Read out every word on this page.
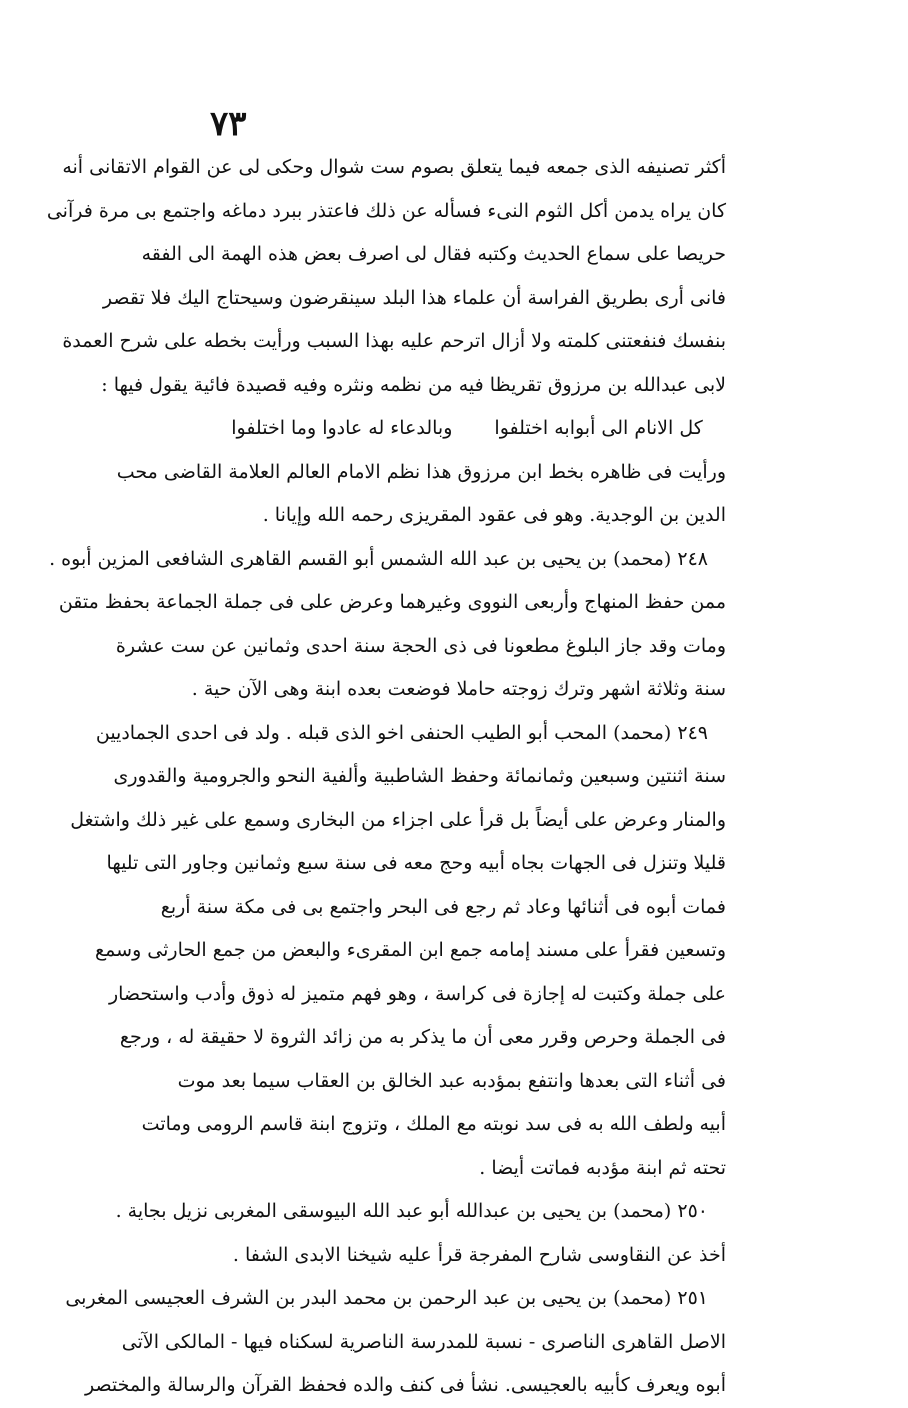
٧٣
أكثر تصنيفه الذى جمعه فيما يتعلق بصوم ست شوال وحكى لى عن القوام الاتقانى أنه
كان يراه يدمن أكل الثوم النىء فسأله عن ذلك فاعتذر ببرد دماغه واجتمع بى مرة فرآنى
حريصا على سماع الحديث وكتبه فقال لى اصرف بعض هذه الهمة الى الفقه
فانى أرى بطريق الفراسة أن علماء هذا البلد سينقرضون وسيحتاج اليك فلا تقصر
بنفسك فنفعتنى كلمته ولا أزال اترحم عليه بهذا السبب ورأيت بخطه على شرح العمدة
لابى عبدالله بن مرزوق تقريظا فيه من نظمه ونثره وفيه قصيدة فائية يقول فيها :
كل الانام الى أبوابه اختلفوا وبالدعاء له عادوا وما اختلفوا
ورأيت فى ظاهره بخط ابن مرزوق هذا نظم الامام العالم العلامة القاضى محب
الدين بن الوجدية. وهو فى عقود المقريزى رحمه الله وإيانا .
٢٤٨ (محمد) بن يحيى بن عبد الله الشمس أبو القسم القاهرى الشافعى المزين أبوه .
ممن حفظ المنهاج وأربعى النووى وغيرهما وعرض على فى جملة الجماعة بحفظ متقن
ومات وقد جاز البلوغ مطعونا فى ذى الحجة سنة احدى وثمانين عن ست عشرة
سنة وثلاثة اشهر وترك زوجته حاملا فوضعت بعده ابنة وهى الآن حية .
٢٤٩ (محمد) المحب أبو الطيب الحنفى اخو الذى قبله . ولد فى احدى الجماديين
سنة اثنتين وسبعين وثمانمائة وحفظ الشاطبية وألفية النحو والجرومية والقدورى
والمنار وعرض على أيضاً بل قرأ على اجزاء من البخارى وسمع على غير ذلك واشتغل
قليلا وتنزل فى الجهات بجاه أبيه وحج معه فى سنة سبع وثمانين وجاور التى تليها
فمات أبوه فى أثنائها وعاد ثم رجع فى البحر واجتمع بى فى مكة سنة أربع
وتسعين فقرأ على مسند إمامه جمع ابن المقرىء والبعض من جمع الحارثى وسمع
على جملة وكتبت له إجازة فى كراسة ، وهو فهم متميز له ذوق وأدب واستحضار
فى الجملة وحرص وقرر معى أن ما يذكر به من زائد الثروة لا حقيقة له ، ورجع
فى أثناء التى بعدها وانتفع بمؤدبه عبد الخالق بن العقاب سيما بعد موت
أبيه ولطف الله به فى سد نوبته مع الملك ، وتزوج ابنة قاسم الرومى وماتت
تحته ثم ابنة مؤدبه فماتت أيضا .
٢٥٠ (محمد) بن يحيى بن عبدالله أبو عبد الله البيوسقى المغربى نزيل بجاية .
أخذ عن النقاوسى شارح المفرجة قرأ عليه شيخنا الابدى الشفا .
٢٥١ (محمد) بن يحيى بن عبد الرحمن بن محمد البدر بن الشرف العجيسى المغربى
الاصل القاهرى الناصرى - نسبة للمدرسة الناصرية لسكناه فيها - المالكى الآتى
أبوه ويعرف كأبيه بالعجيسى. نشأ فى كنف والده فحفظ القرآن والرسالة والمختصر
